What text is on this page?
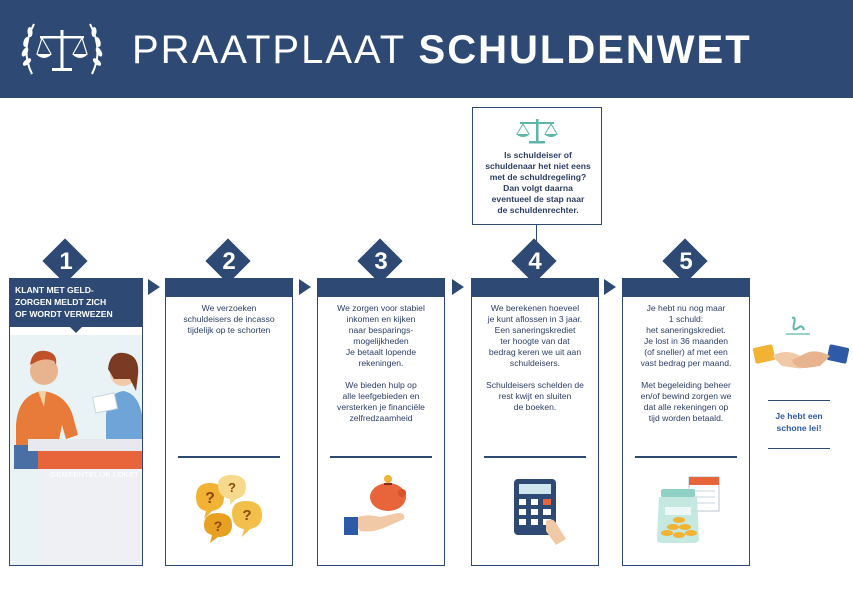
PRAATPLAAT SCHULDENWET
Is schuldeiser of
schuldenaar het niet eens
met de schuldregeling?
Dan volgt daarna
eventueel de stap naar
de schuldenrechter.
KLANT MET GELD-
ZORGEN MELDT ZICH
OF WORDT VERWEZEN
GEMEENTELIJK LOKET
1

We verzoeken
schuldeisers de incasso
tijdelijk op te schorten

?
?
?
?
2

We zorgen voor stabiel
inkomen en kijken
naar besparings-
mogelijkheden
Je betaalt lopende
rekeningen.

We bieden hulp op
alle leefgebieden en
versterken je financiële
zelfredzaamheid

3

We berekenen hoeveel
je kunt aflossen in 3 jaar.
Een saneringskrediet
ter hoogte van dat
bedrag keren we uit aan
schuldeisers.

Schuldeisers schelden de
rest kwijt en sluiten
de boeken.

4

Je hebt nu nog maar
1 schuld:
het saneringskrediet.
Je lost in 36 maanden
(of sneller) af met een
vast bedrag per maand.

Met begeleiding beheer
en/of bewind zorgen we
dat alle rekeningen op
tijd worden betaald.

5
Je hebt een
schone lei!
